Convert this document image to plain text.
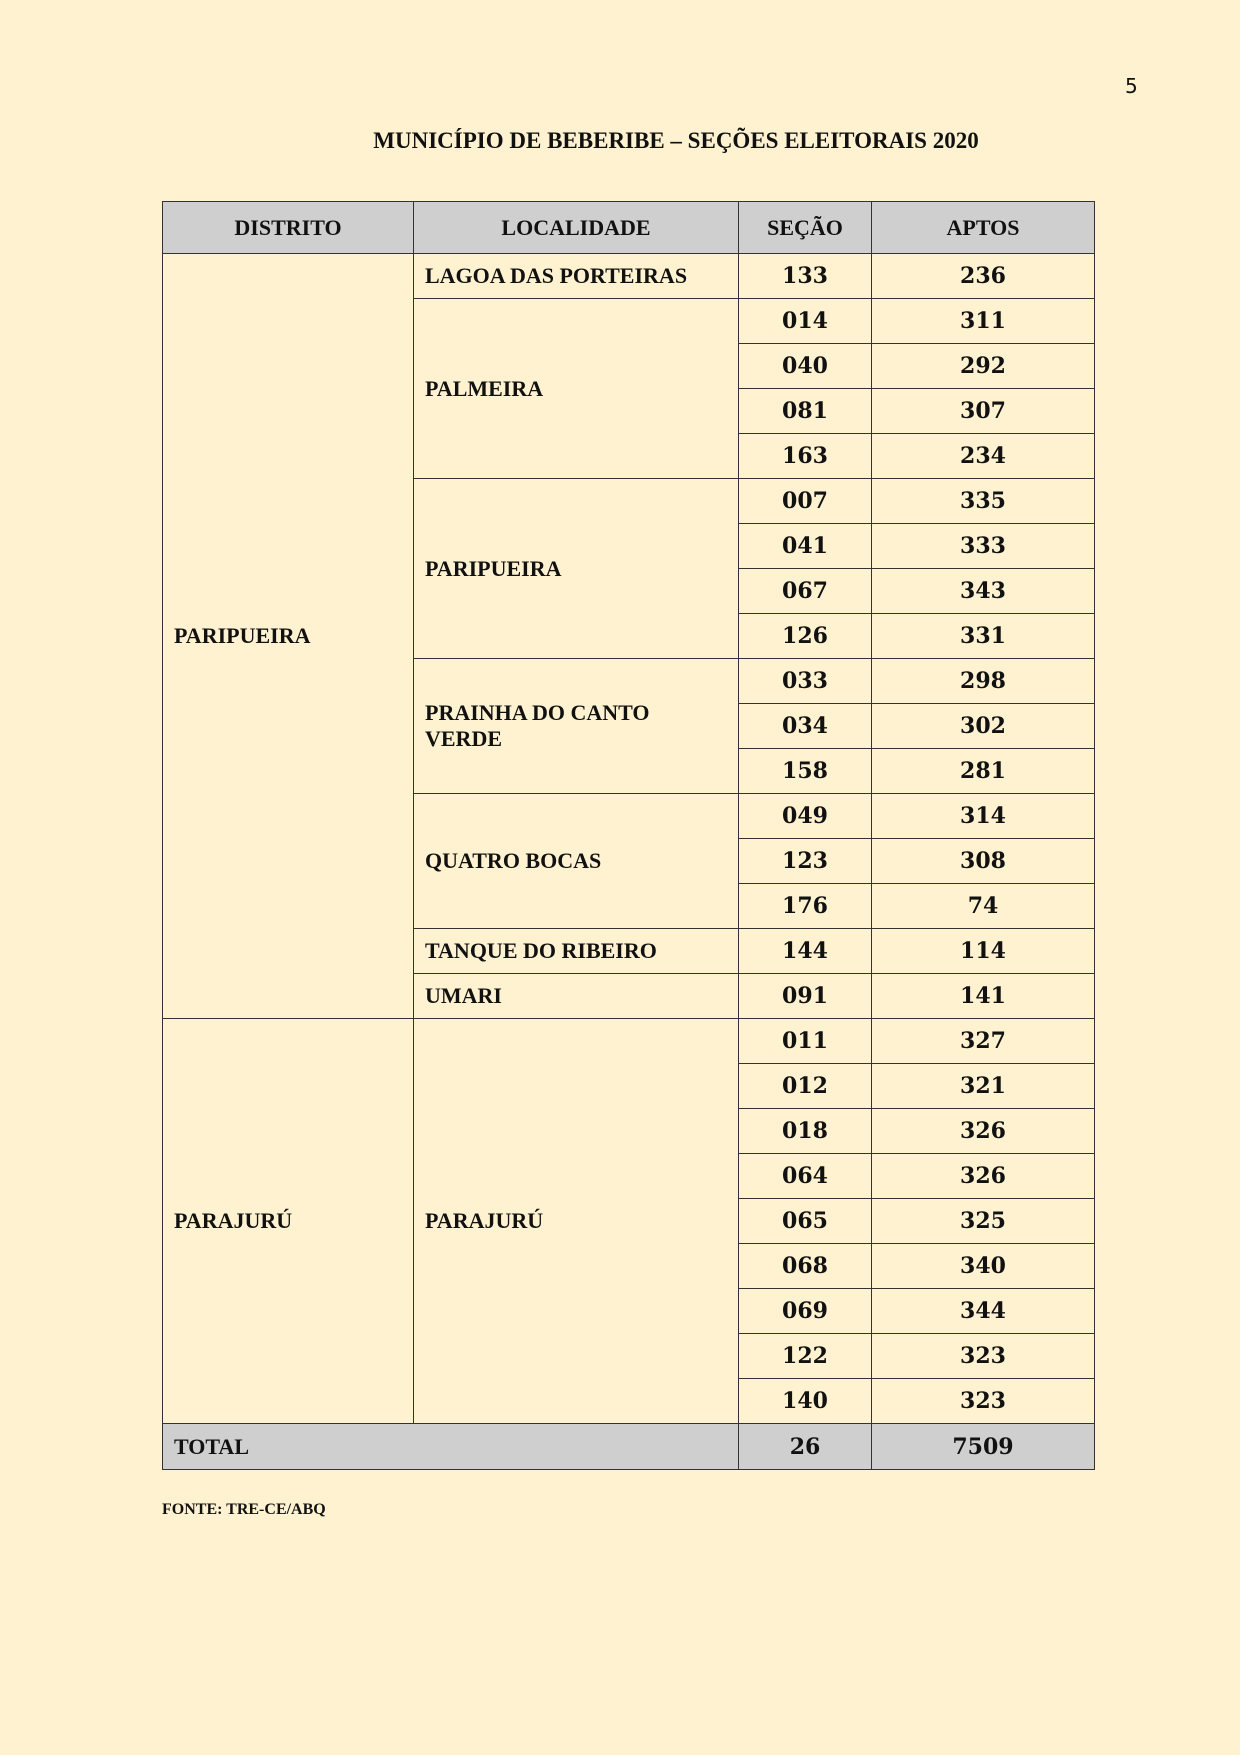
5
MUNICÍPIO DE BEBERIBE – SEÇÕES ELEITORAIS 2020
DISTRITO	LOCALIDADE	SEÇÃO	APTOS
PARIPUEIRA	LAGOA DAS PORTEIRAS	133	236
	PALMEIRA	014	311
		040	292
		081	307
		163	234
	PARIPUEIRA	007	335
		041	333
		067	343
		126	331
	PRAINHA DO CANTO VERDE	033	298
		034	302
		158	281
	QUATRO BOCAS	049	314
		123	308
		176	74
	TANQUE DO RIBEIRO	144	114
	UMARI	091	141
PARAJURÚ	PARAJURÚ	011	327
		012	321
		018	326
		064	326
		065	325
		068	340
		069	344
		122	323
		140	323
TOTAL		26	7509
FONTE: TRE-CE/ABQ
